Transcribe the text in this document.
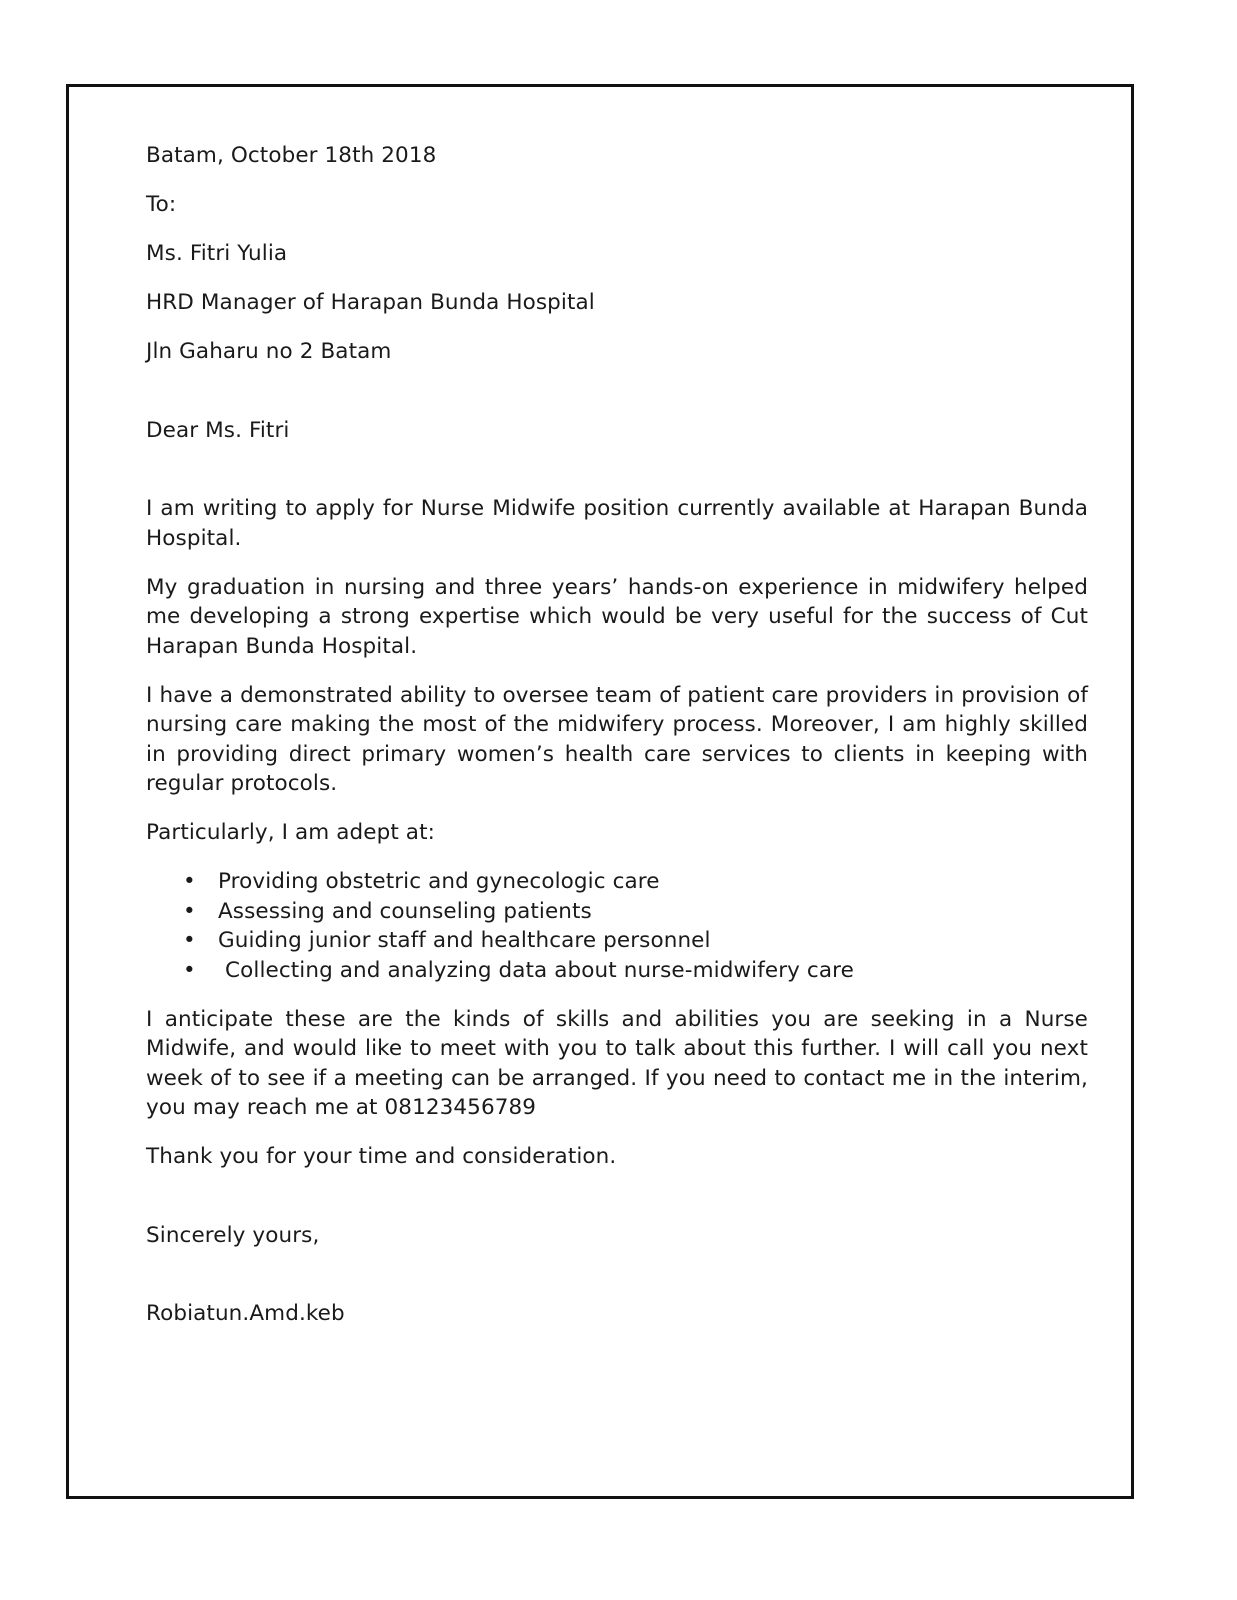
Batam, October 18th 2018
To:
Ms. Fitri Yulia
HRD Manager of Harapan Bunda Hospital
Jln Gaharu no 2 Batam
Dear Ms. Fitri
I am writing to apply for Nurse Midwife position currently available at Harapan Bunda Hospital.
My graduation in nursing and three years’ hands-on experience in midwifery helped me developing a strong expertise which would be very useful for the success of Cut Harapan Bunda Hospital.
I have a demonstrated ability to oversee team of patient care providers in provision of nursing care making the most of the midwifery process. Moreover, I am highly skilled in providing direct primary women’s health care services to clients in keeping with regular protocols.
Particularly, I am adept at:
• Providing obstetric and gynecologic care
• Assessing and counseling patients
• Guiding junior staff and healthcare personnel
• Collecting and analyzing data about nurse-midwifery care
I anticipate these are the kinds of skills and abilities you are seeking in a Nurse Midwife, and would like to meet with you to talk about this further. I will call you next week of to see if a meeting can be arranged. If you need to contact me in the interim, you may reach me at 08123456789
Thank you for your time and consideration.
Sincerely yours,
Robiatun.Amd.keb
